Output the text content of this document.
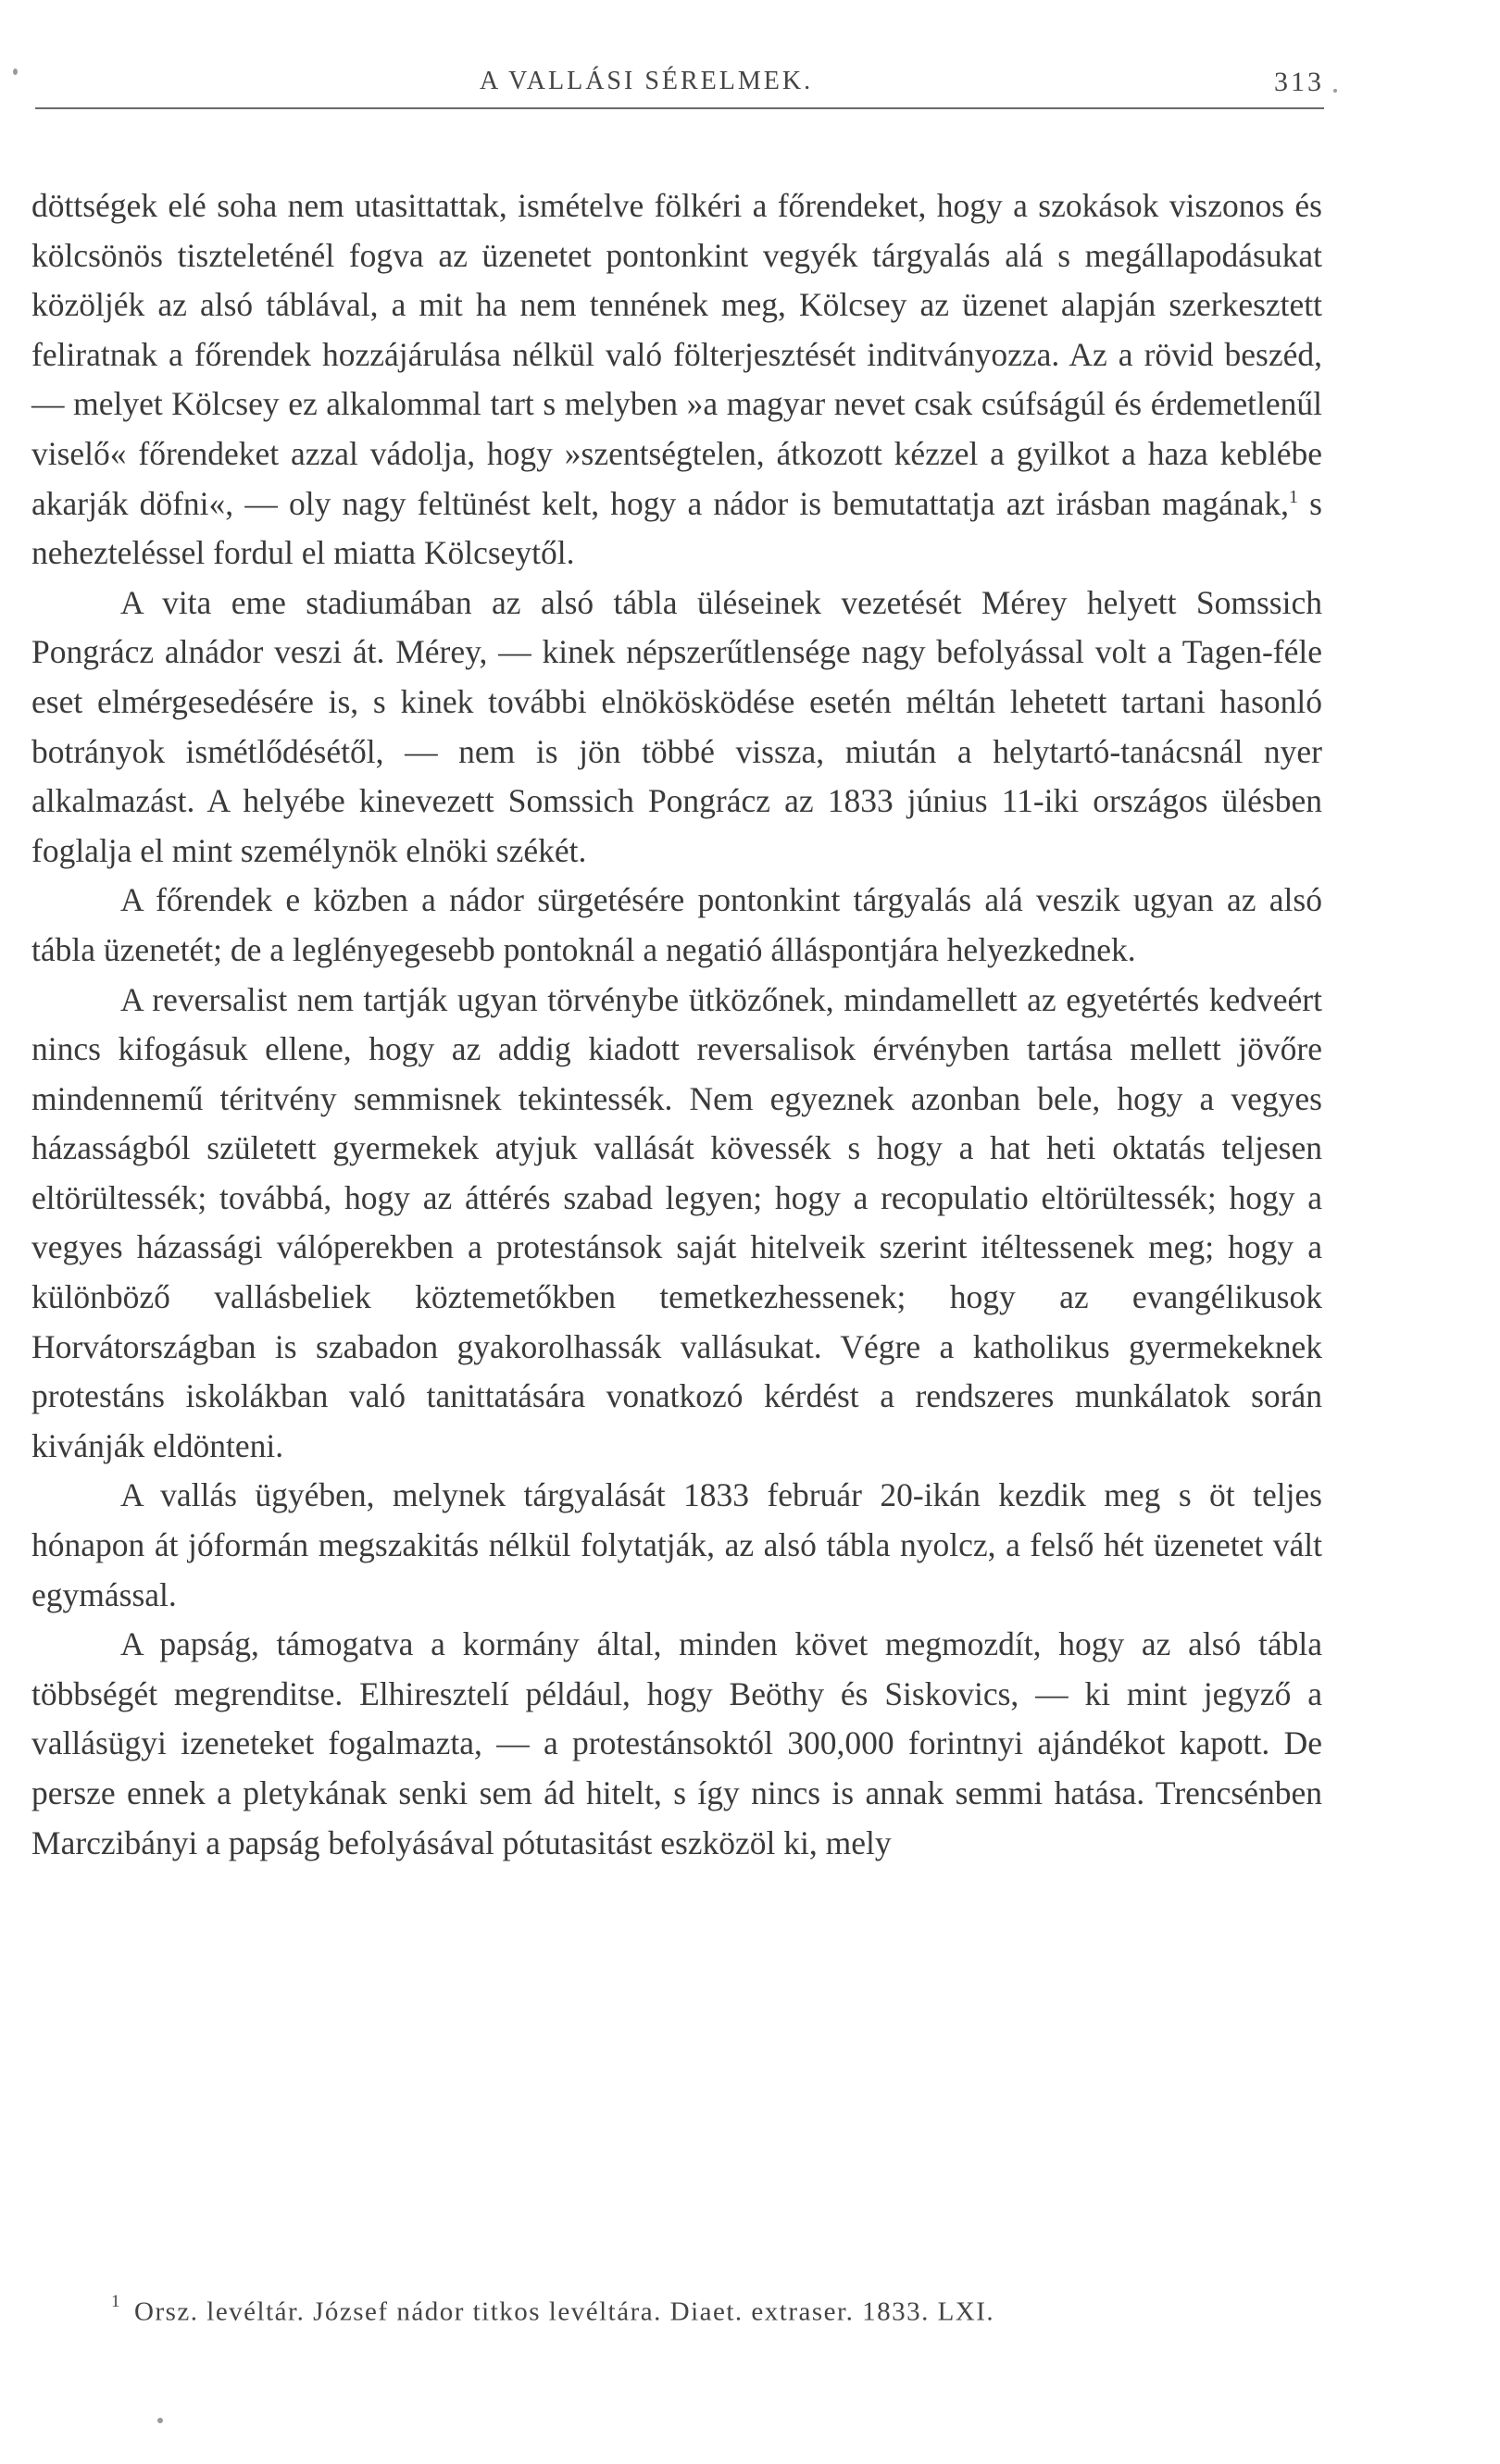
A VALLÁSI SÉRELMEK.	313

döttségek elé soha nem utasittattak, ismételve fölkéri a főrendeket, hogy a szokások viszonos és kölcsönös tiszteleténél fogva az üzenetet pontonkint vegyék tárgyalás alá s megállapodásukat közöljék az alsó táblával, a mit ha nem tennének meg, Kölcsey az üzenet alapján szerkesztett feliratnak a főrendek hozzájárulása nélkül való fölterjesztését inditványozza. Az a rövid beszéd, — melyet Kölcsey ez alkalommal tart s melyben »a magyar nevet csak csúfságúl és érdemetlenűl viselő« főrendeket azzal vádolja, hogy »szentségtelen, átkozott kézzel a gyilkot a haza keblébe akarják döfni«, — oly nagy feltünést kelt, hogy a nádor is bemutattatja azt irásban magának,$^1$ s nehezteléssel fordul el miatta Kölcseytől.

A vita eme stadiumában az alsó tábla üléseinek vezetését Mérey helyett Somssich Pongrácz alnádor veszi át. Mérey, — kinek népszerűtlensége nagy befolyással volt a Tagen-féle eset elmérgesedésére is, s kinek további elnökösködése esetén méltán lehetett tartani hasonló botrányok ismétlődésétől, — nem is jön többé vissza, miután a helytartó-tanácsnál nyer alkalmazást. A helyébe kinevezett Somssich Pongrácz az 1833 június 11-iki országos ülésben foglalja el mint személynök elnöki székét.

A főrendek e közben a nádor sürgetésére pontonkint tárgyalás alá veszik ugyan az alsó tábla üzenetét; de a leglényegesebb pontoknál a negatió álláspontjára helyezkednek.

A reversalist nem tartják ugyan törvénybe ütközőnek, mindamellett az egyetértés kedveért nincs kifogásuk ellene, hogy az addig kiadott reversalisok érvényben tartása mellett jövőre mindennemű téritvény semmisnek tekintessék. Nem egyeznek azonban bele, hogy a vegyes házasságból született gyermekek atyjuk vallását kövessék s hogy a hat heti oktatás teljesen eltörültessék; továbbá, hogy az áttérés szabad legyen; hogy a recopulatio eltörültessék; hogy a vegyes házassági válóperekben a protestánsok saját hitelveik szerint itéltessenek meg; hogy a különböző vallásbeliek köztemetőkben temetkezhessenek; hogy az evangélikusok Horvátországban is szabadon gyakorolhassák vallásukat. Végre a katholikus gyermekeknek protestáns iskolákban való tanittatására vonatkozó kérdést a rendszeres munkálatok során kivánják eldönteni.

A vallás ügyében, melynek tárgyalását 1833 február 20-ikán kezdik meg s öt teljes hónapon át jóformán megszakitás nélkül folytatják, az alsó tábla nyolcz, a felső hét üzenetet vált egymással.

A papság, támogatva a kormány által, minden követ megmozdít, hogy az alsó tábla többségét megrenditse. Elhiresztelí például, hogy Beöthy és Siskovics, — ki mint jegyző a vallásügyi izeneteket fogalmazta, — a protestánsoktól 300,000 forintnyi ajándékot kapott. De persze ennek a pletykának senki sem ád hitelt, s így nincs is annak semmi hatása. Trencsénben Marczibányi a papság befolyásával pótutasitást eszközöl ki, mely

$^1$ Orsz. levéltár. József nádor titkos levéltára. Diaet. extraser. 1833. LXI.
